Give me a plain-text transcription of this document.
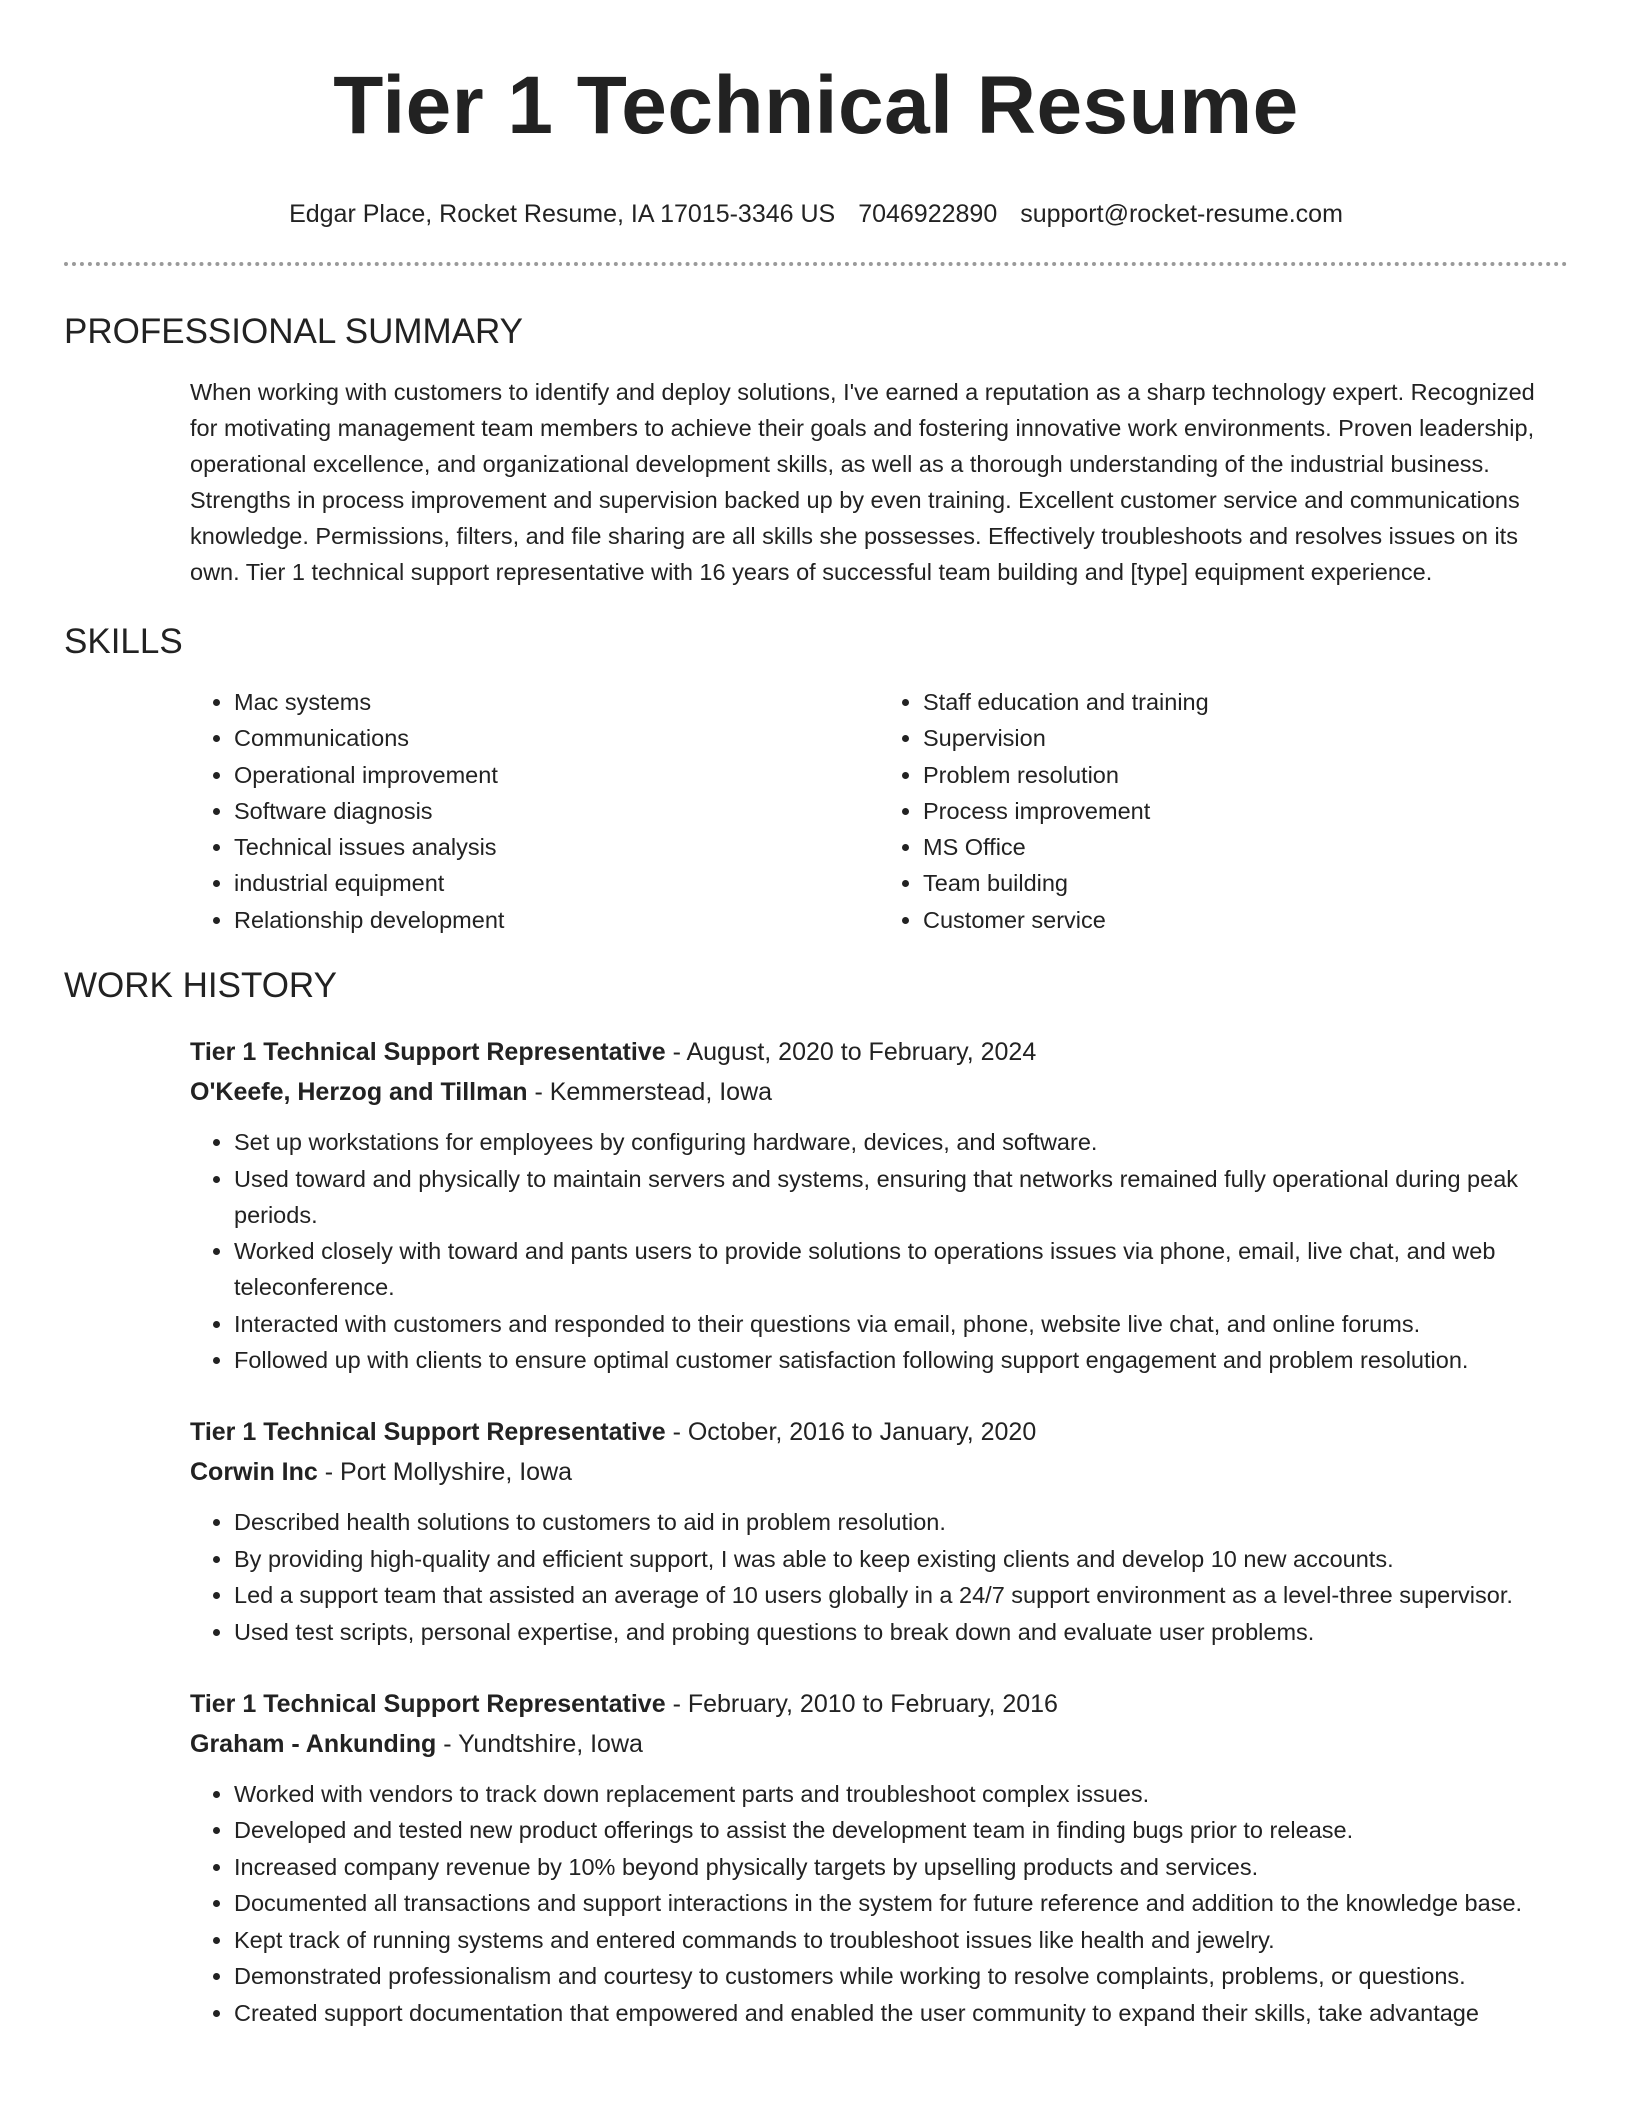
Tier 1 Technical Resume
Edgar Place, Rocket Resume, IA 17015-3346 US 7046922890 support@rocket-resume.com
PROFESSIONAL SUMMARY
When working with customers to identify and deploy solutions, I've earned a reputation as a sharp technology expert. Recognized for motivating management team members to achieve their goals and fostering innovative work environments. Proven leadership, operational excellence, and organizational development skills, as well as a thorough understanding of the industrial business. Strengths in process improvement and supervision backed up by even training. Excellent customer service and communications knowledge. Permissions, filters, and file sharing are all skills she possesses. Effectively troubleshoots and resolves issues on its own. Tier 1 technical support representative with 16 years of successful team building and [type] equipment experience.
SKILLS
• Mac systems
• Communications
• Operational improvement
• Software diagnosis
• Technical issues analysis
• industrial equipment
• Relationship development
• Staff education and training
• Supervision
• Problem resolution
• Process improvement
• MS Office
• Team building
• Customer service
WORK HISTORY
Tier 1 Technical Support Representative - August, 2020 to February, 2024
O'Keefe, Herzog and Tillman - Kemmerstead, Iowa
• Set up workstations for employees by configuring hardware, devices, and software.
• Used toward and physically to maintain servers and systems, ensuring that networks remained fully operational during peak periods.
• Worked closely with toward and pants users to provide solutions to operations issues via phone, email, live chat, and web teleconference.
• Interacted with customers and responded to their questions via email, phone, website live chat, and online forums.
• Followed up with clients to ensure optimal customer satisfaction following support engagement and problem resolution.
Tier 1 Technical Support Representative - October, 2016 to January, 2020
Corwin Inc - Port Mollyshire, Iowa
• Described health solutions to customers to aid in problem resolution.
• By providing high-quality and efficient support, I was able to keep existing clients and develop 10 new accounts.
• Led a support team that assisted an average of 10 users globally in a 24/7 support environment as a level-three supervisor.
• Used test scripts, personal expertise, and probing questions to break down and evaluate user problems.
Tier 1 Technical Support Representative - February, 2010 to February, 2016
Graham - Ankunding - Yundtshire, Iowa
• Worked with vendors to track down replacement parts and troubleshoot complex issues.
• Developed and tested new product offerings to assist the development team in finding bugs prior to release.
• Increased company revenue by 10% beyond physically targets by upselling products and services.
• Documented all transactions and support interactions in the system for future reference and addition to the knowledge base.
• Kept track of running systems and entered commands to troubleshoot issues like health and jewelry.
• Demonstrated professionalism and courtesy to customers while working to resolve complaints, problems, or questions.
• Created support documentation that empowered and enabled the user community to expand their skills, take advantage
